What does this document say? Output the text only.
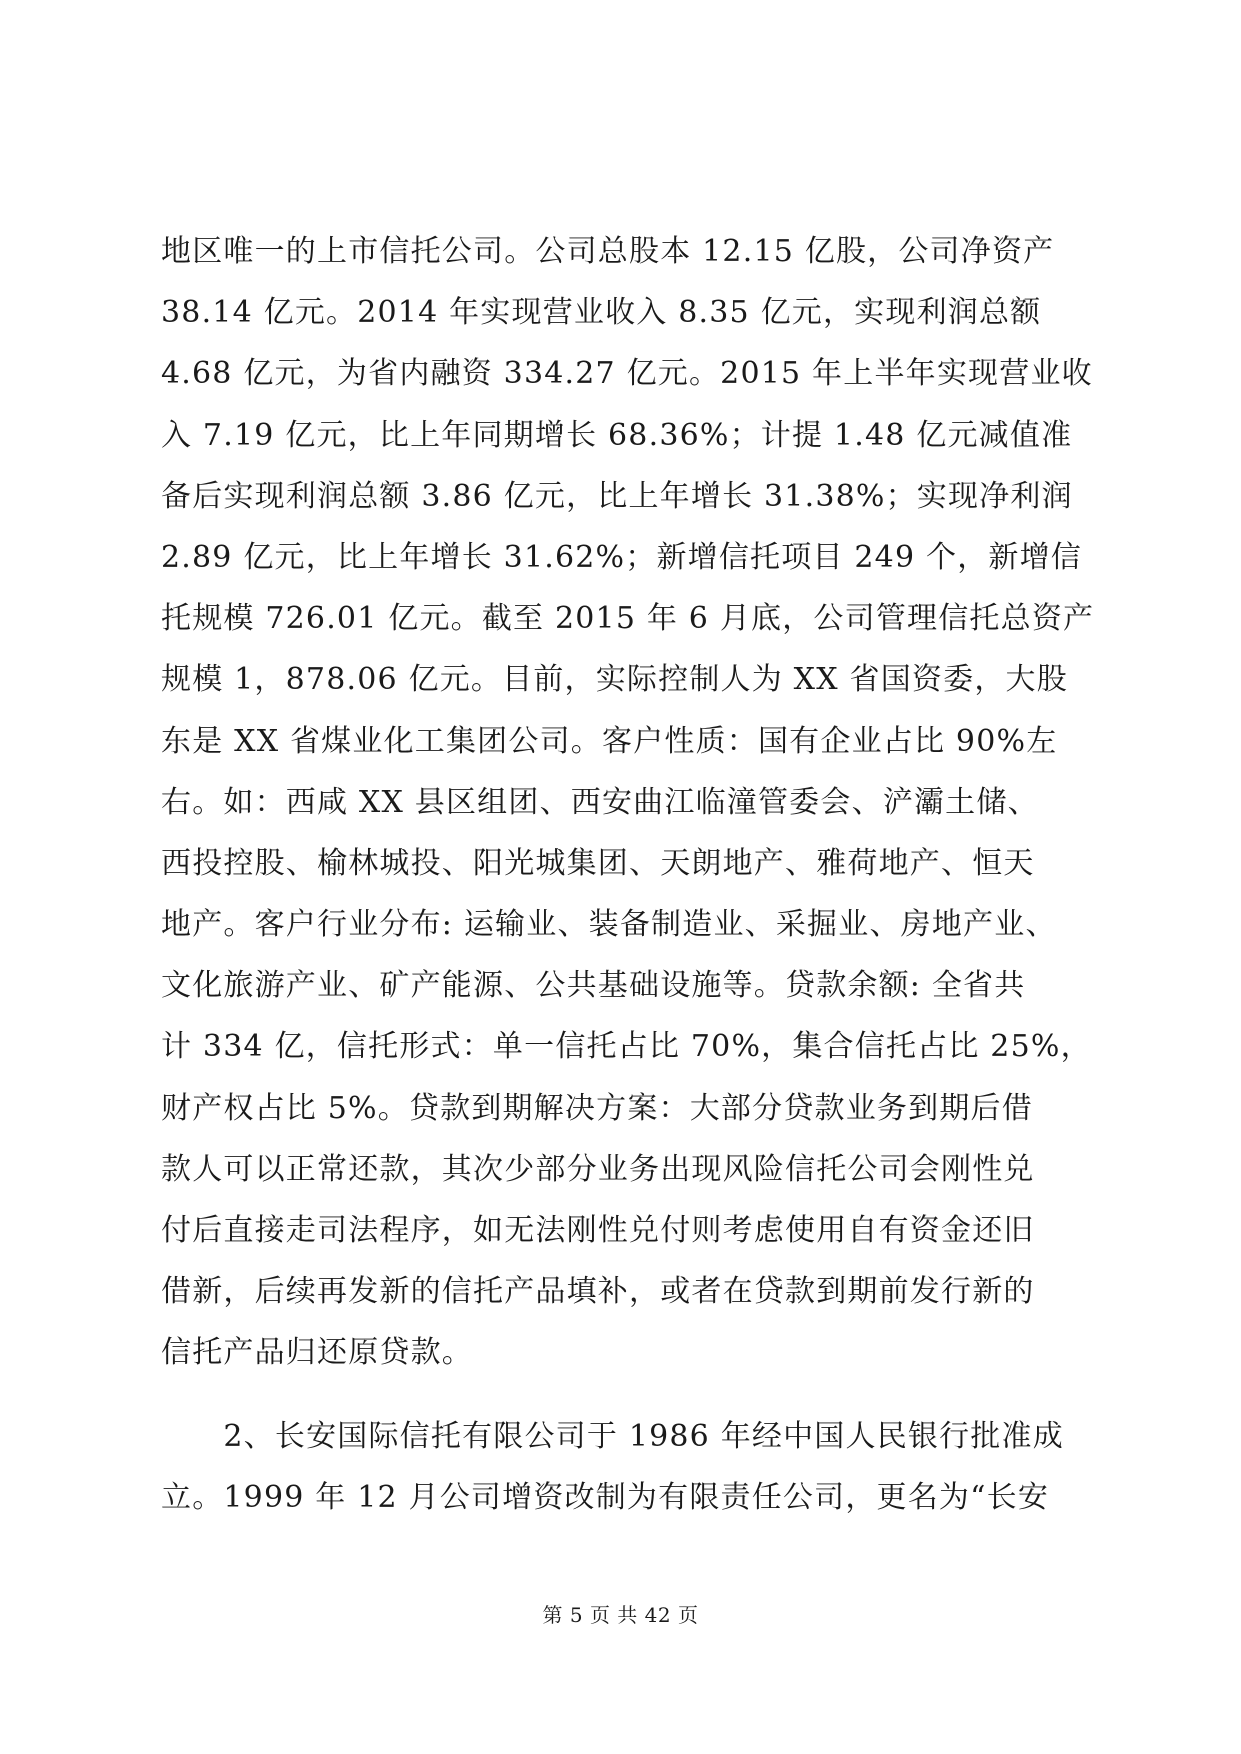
地区唯一的上市信托公司。公司总股本 12.15 亿股，公司净资产
38.14 亿元。2014 年实现营业收入 8.35 亿元，实现利润总额
4.68 亿元，为省内融资 334.27 亿元。2015 年上半年实现营业收
入 7.19 亿元，比上年同期增长 68.36%；计提 1.48 亿元减值准
备后实现利润总额 3.86 亿元，比上年增长 31.38%；实现净利润
2.89 亿元，比上年增长 31.62%；新增信托项目 249 个，新增信
托规模 726.01 亿元。截至 2015 年 6 月底，公司管理信托总资产
规模 1，878.06 亿元。目前，实际控制人为 XX 省国资委，大股
东是 XX 省煤业化工集团公司。客户性质：国有企业占比 90%左
右。如：西咸 XX 县区组团、西安曲江临潼管委会、浐灞土储、
西投控股、榆林城投、阳光城集团、天朗地产、雅荷地产、恒天
地产。客户行业分布: 运输业、装备制造业、采掘业、房地产业、
文化旅游产业、矿产能源、公共基础设施等。贷款余额: 全省共
计 334 亿，信托形式：单一信托占比 70%，集合信托占比 25%，
财产权占比 5%。贷款到期解决方案：大部分贷款业务到期后借
款人可以正常还款，其次少部分业务出现风险信托公司会刚性兑
付后直接走司法程序，如无法刚性兑付则考虑使用自有资金还旧
借新，后续再发新的信托产品填补，或者在贷款到期前发行新的
信托产品归还原贷款。
　　2、长安国际信托有限公司于 1986 年经中国人民银行批准成
立。1999 年 12 月公司增资改制为有限责任公司，更名为“长安
第 5 页 共 42 页
